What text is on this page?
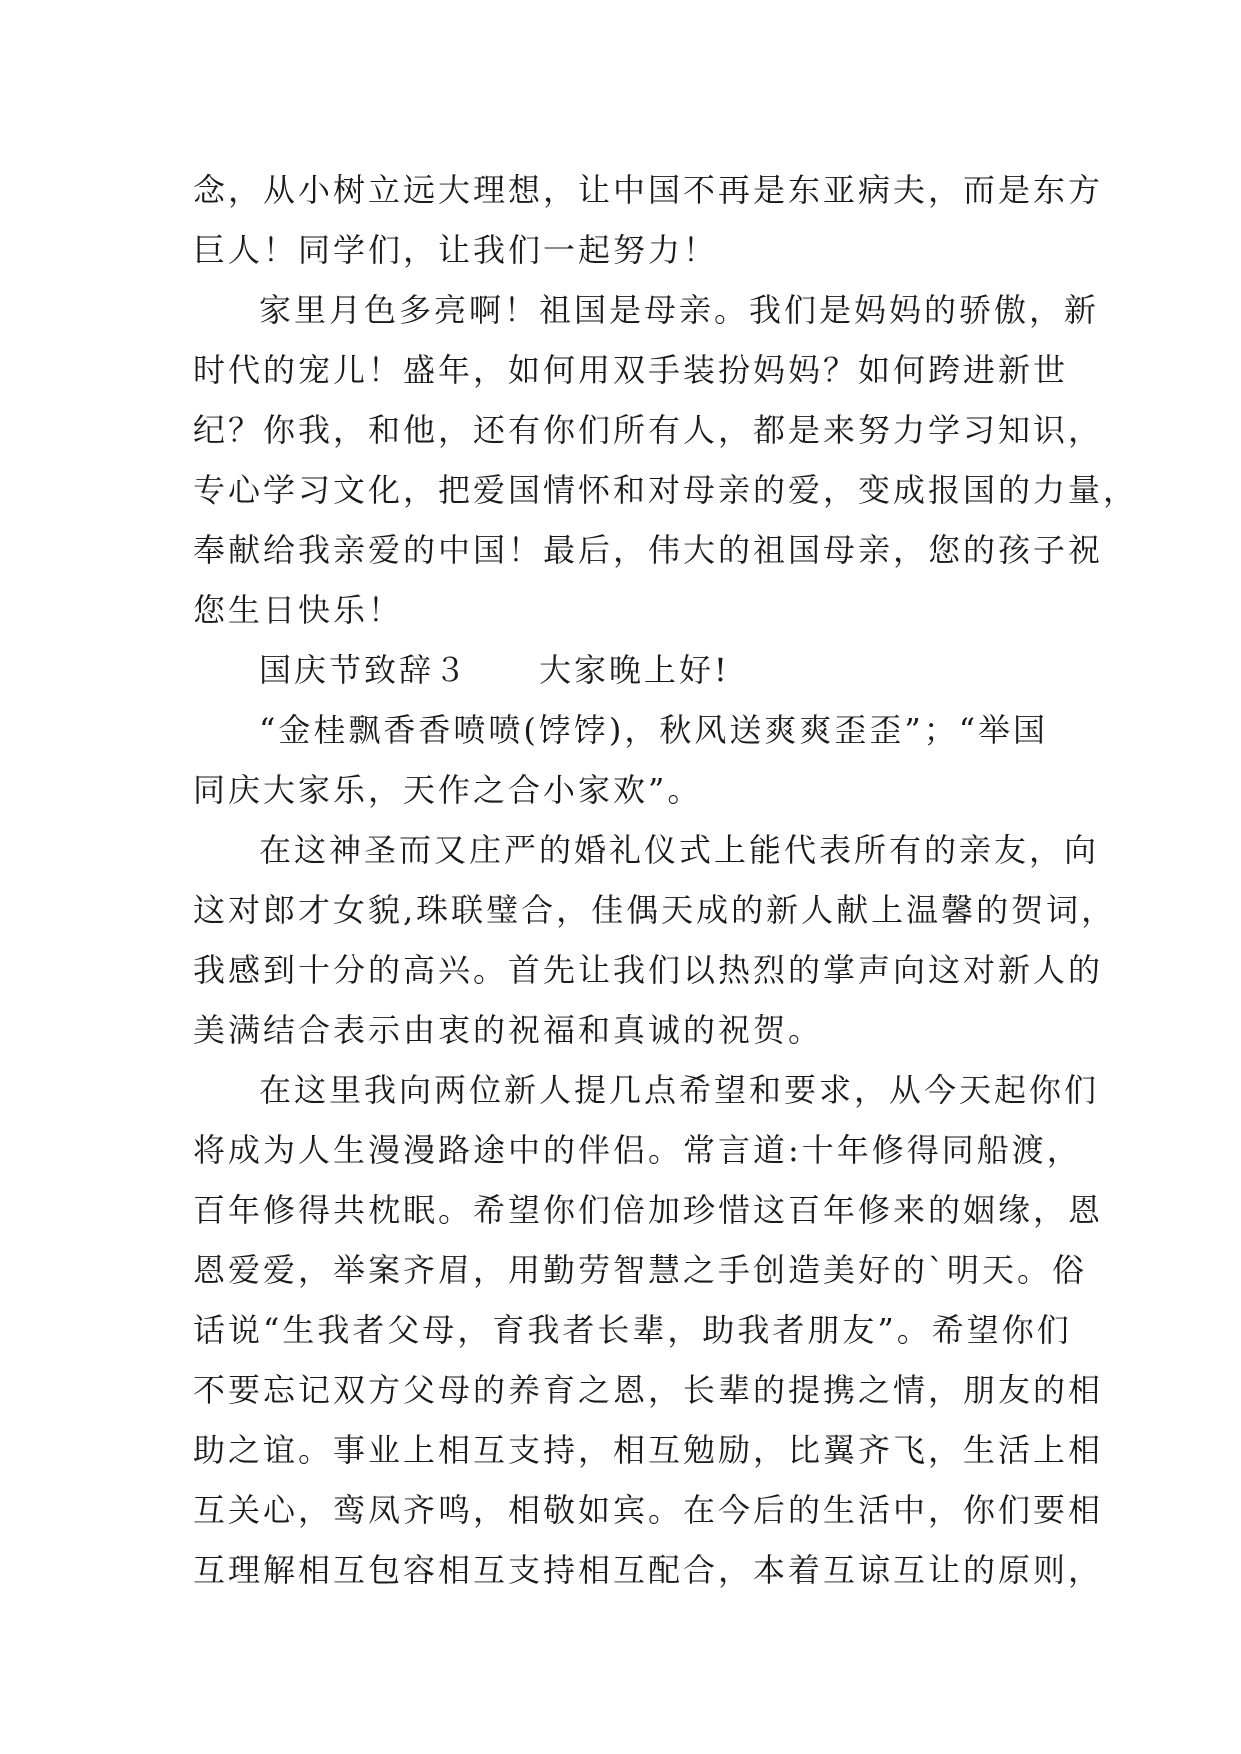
念，从小树立远大理想，让中国不再是东亚病夫，而是东方
巨人！同学们，让我们一起努力！
家里月色多亮啊！祖国是母亲。我们是妈妈的骄傲，新
时代的宠儿！盛年，如何用双手装扮妈妈？如何跨进新世
纪？你我，和他，还有你们所有人，都是来努力学习知识，
专心学习文化，把爱国情怀和对母亲的爱，变成报国的力量，
奉献给我亲爱的中国！最后，伟大的祖国母亲，您的孩子祝
您生日快乐！
国庆节致辞３　　大家晚上好!
“金桂飘香香喷喷(饽饽)，秋风送爽爽歪歪”；“举国
同庆大家乐，天作之合小家欢”。
在这神圣而又庄严的婚礼仪式上能代表所有的亲友，向
这对郎才女貌,珠联璧合，佳偶天成的新人献上温馨的贺词，
我感到十分的高兴。首先让我们以热烈的掌声向这对新人的
美满结合表示由衷的祝福和真诚的祝贺。
在这里我向两位新人提几点希望和要求，从今天起你们
将成为人生漫漫路途中的伴侣。常言道:十年修得同船渡，
百年修得共枕眠。希望你们倍加珍惜这百年修来的姻缘，恩
恩爱爱，举案齐眉，用勤劳智慧之手创造美好的`明天。俗
话说“生我者父母，育我者长辈，助我者朋友”。希望你们
不要忘记双方父母的养育之恩，长辈的提携之情，朋友的相
助之谊。事业上相互支持，相互勉励，比翼齐飞，生活上相
互关心，鸾凤齐鸣，相敬如宾。在今后的生活中，你们要相
互理解相互包容相互支持相互配合，本着互谅互让的原则，
